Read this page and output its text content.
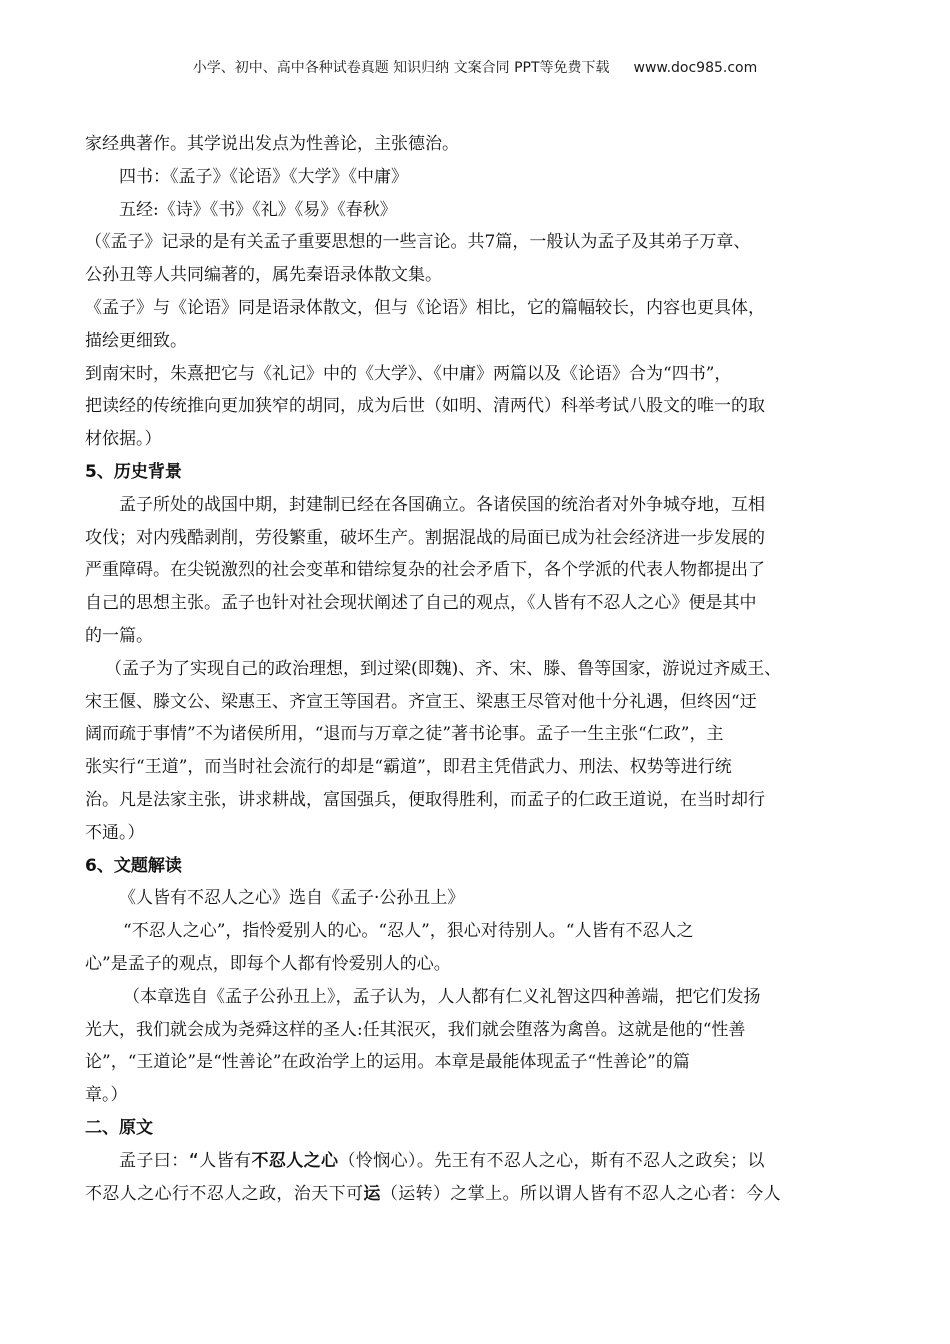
小学、初中、高中各种试卷真题 知识归纳 文案合同 PPT等免费下载 www.doc985.com
家经典著作。其学说出发点为性善论，主张德治。
四书：《孟子》《论语》《大学》《中庸》
五经:《诗》《书》《礼》《易》《春秋》
（《孟子》记录的是有关孟子重要思想的一些言论。共7篇，一般认为孟子及其弟子万章、
公孙丑等人共同编著的，属先秦语录体散文集。
《孟子》与《论语》同是语录体散文，但与《论语》相比，它的篇幅较长，内容也更具体，
描绘更细致。
到南宋时，朱熹把它与《礼记》中的《大学》、《中庸》两篇以及《论语》合为“四书”，
把读经的传统推向更加狭窄的胡同，成为后世（如明、清两代）科举考试八股文的唯一的取
材依据。）
5、历史背景
孟子所处的战国中期，封建制已经在各国确立。各诸侯国的统治者对外争城夺地，互相
攻伐；对内残酷剥削，劳役繁重，破坏生产。割据混战的局面已成为社会经济进一步发展的
严重障碍。在尖锐激烈的社会变革和错综复杂的社会矛盾下，各个学派的代表人物都提出了
自己的思想主张。孟子也针对社会现状阐述了自己的观点，《人皆有不忍人之心》便是其中
的一篇。
（孟子为了实现自己的政治理想，到过梁(即魏)、齐、宋、滕、鲁等国家，游说过齐威王、
宋王偃、滕文公、梁惠王、齐宣王等国君。齐宣王、梁惠王尽管对他十分礼遇，但终因“迂
阔而疏于事情”不为诸侯所用，“退而与万章之徒”著书论事。孟子一生主张“仁政”，主
张实行“王道”，而当时社会流行的却是“霸道”，即君主凭借武力、刑法、权势等进行统
治。凡是法家主张，讲求耕战，富国强兵，便取得胜利，而孟子的仁政王道说，在当时却行
不通。）
6、文题解读
《人皆有不忍人之心》选自《孟子·公孙丑上》
“不忍人之心”，指怜爱别人的心。“忍人”，狠心对待别人。“人皆有不忍人之
心”是孟子的观点，即每个人都有怜爱别人的心。
（本章选自《孟子公孙丑上》，孟子认为，人人都有仁义礼智这四种善端，把它们发扬
光大，我们就会成为尧舜这样的圣人:任其泯灭，我们就会堕落为禽兽。这就是他的“性善
论”，“王道论”是“性善论”在政治学上的运用。本章是最能体现孟子“性善论”的篇
章。）
二、原文
孟子曰：“人皆有不忍人之心（怜悯心）。先王有不忍人之心，斯有不忍人之政矣；以
不忍人之心行不忍人之政，治天下可运（运转）之掌上。所以谓人皆有不忍人之心者：今人
